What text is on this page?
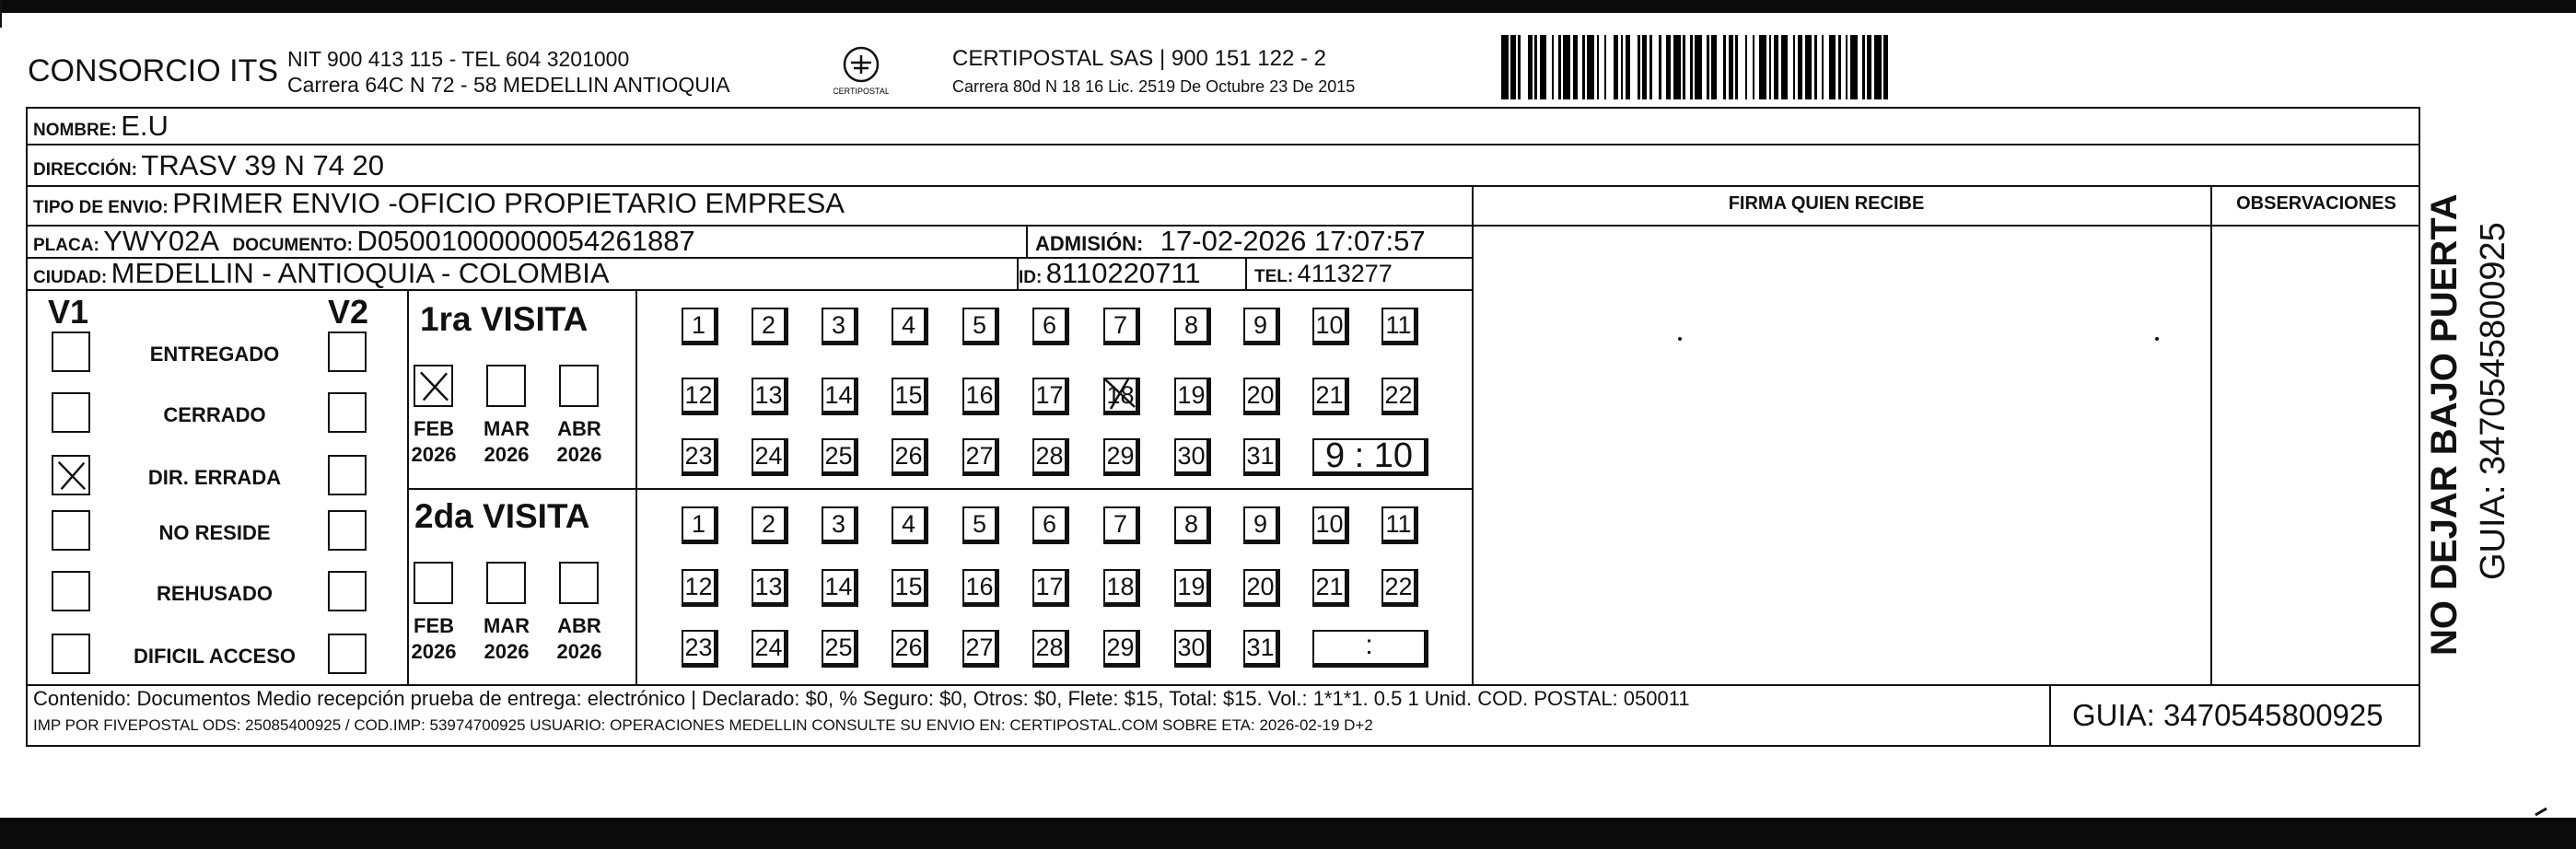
CONSORCIO ITS NIT 900 413 115 - TEL 604 3201000
Carrera 64C N 72 - 58 MEDELLIN ANTIOQUIA	CERTIPOSTAL
CERTIPOSTAL SAS | 900 151 122 - 2
Carrera 80d N 18 16 Lic. 2519 De Octubre 23 De 2015
NOMBRE: E.U
DIRECCIÓN: TRASV 39 N 74 20
TIPO DE ENVIO: PRIMER ENVIO -OFICIO PROPIETARIO EMPRESA	FIRMA QUIEN RECIBE	OBSERVACIONES
PLACA: YWY02A DOCUMENTO: D05001000000054261887	ADMISIÓN: 17-02-2026 17:07:57
CIUDAD: MEDELLIN - ANTIOQUIA - COLOMBIA	ID: 8110220711	TEL: 4113277
V1	V2
ENTREGADO
CERRADO
DIR. ERRADA
NO RESIDE
REHUSADO
DIFICIL ACCESO
1ra VISITA
2da VISITA
FEB
2026
MAR
2026
ABR
2026
FEB
2026
MAR
2026
ABR
2026
1	2	3	4	5	6	7	8	9	10 11
12 13 14 15 16 17 18 19 20 21 22
23 24 25 26 27 28 29 30 31	9 : 10
1	2	3	4	5	6	7	8	9	10 11
12 13 14 15 16 17 18 19 20 21 22
23 24 25 26 27 28 29 30 31	:
Contenido: Documentos Medio recepción prueba de entrega: electrónico | Declarado: $0, % Seguro: $0, Otros: $0, Flete: $15, Total: $15. Vol.: 1*1*1. 0.5 1 Unid. COD. POSTAL: 050011
IMP POR FIVEPOSTAL ODS: 25085400925 / COD.IMP: 53974700925 USUARIO: OPERACIONES MEDELLIN CONSULTE SU ENVIO EN: CERTIPOSTAL.COM SOBRE ETA: 2026-02-19 D+2	GUIA: 3470545800925
NO DEJAR BAJO PUERTA GUIA: 3470545800925
